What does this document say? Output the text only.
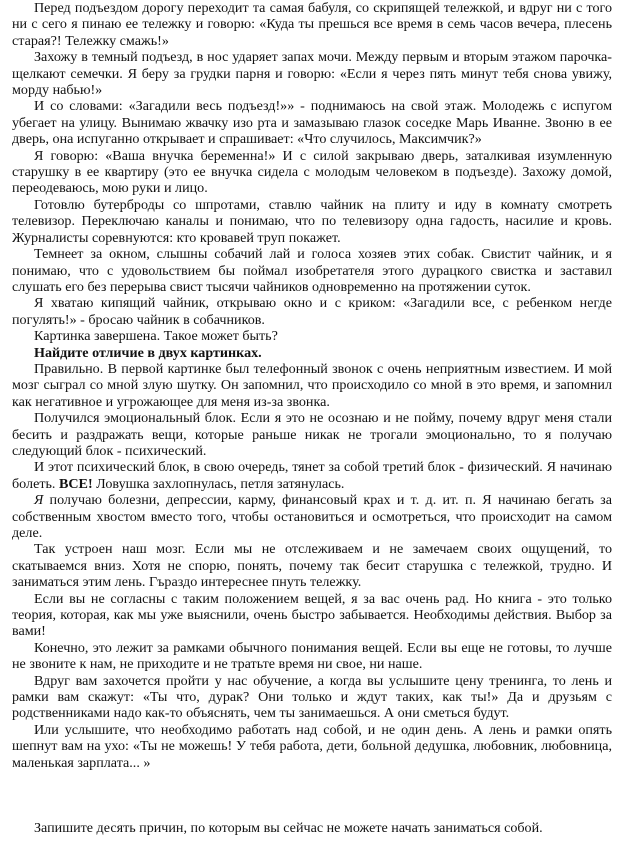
Перед подъездом дорогу переходит та самая бабуля, со скрипящей тележкой, и вдруг ни с того ни с сего я пинаю ее тележку и говорю: «Куда ты прешься все время в семь часов вечера, плесень старая?! Тележку смажь!»

Захожу в темный подъезд, в нос ударяет запах мочи. Между первым и вторым этажом парочка-щелкают семечки. Я беру за грудки парня и говорю: «Если я через пять минут тебя снова увижу, морду набью!»

И со словами: «Загадили весь подъезд!»» - поднимаюсь на свой этаж. Молодежь с испугом убегает на улицу. Вынимаю жвачку изо рта и замазываю глазок соседке Марь Иванне. Звоню в ее дверь, она испуганно открывает и спрашивает: «Что случилось, Максимчик?»

Я говорю: «Ваша внучка беременна!» И с силой закрываю дверь, заталкивая изумленную старушку в ее квартиру (это ее внучка сидела с молодым человеком в подъезде). Захожу домой, переодеваюсь, мою руки и лицо.

Готовлю бутерброды со шпротами, ставлю чайник на плиту и иду в комнату смотреть телевизор. Переключаю каналы и понимаю, что по телевизору одна гадость, насилие и кровь. Журналисты соревнуются: кто кровавей труп покажет.

Темнеет за окном, слышны собачий лай и голоса хозяев этих собак. Свистит чайник, и я понимаю, что с удовольствием бы поймал изобретателя этого дурацкого свистка и заставил слушать его без перерыва свист тысячи чайников одновременно на протяжении суток.

Я хватаю кипящий чайник, открываю окно и с криком: «Загадили все, с ребенком негде погулять!» - бросаю чайник в собачников.

Картинка завершена. Такое может быть?

Найдите отличие в двух картинках.

Правильно. В первой картинке был телефонный звонок с очень неприятным известием. И мой мозг сыграл со мной злую шутку. Он запомнил, что происходило со мной в это время, и запомнил как негативное и угрожающее для меня из-за звонка.

Получился эмоциональный блок. Если я это не осознаю и не пойму, почему вдруг меня стали бесить и раздражать вещи, которые раньше никак не трогали эмоционально, то я получаю следующий блок - психический.

И этот психический блок, в свою очередь, тянет за собой третий блок - физический. Я начинаю болеть. ВСЕ! Ловушка захлопнулась, петля затянулась.

Я получаю болезни, депрессии, карму, финансовый крах и т. д. ит. п. Я начинаю бегать за собственным хвостом вместо того, чтобы остановиться и осмотреться, что происходит на самом деле.

Так устроен наш мозг. Если мы не отслеживаем и не замечаем своих ощущений, то скатываемся вниз. Хотя не спорю, понять, почему так бесит старушка с тележкой, трудно. И заниматься этим лень. Гъраздо интереснее пнуть тележку.

Если вы не согласны с таким положением вещей, я за вас очень рад. Но книга - это только теория, которая, как мы уже выяснили, очень быстро забывается. Необходимы действия. Выбор за вами!

Конечно, это лежит за рамками обычного понимания вещей. Если вы еще не готовы, то лучше не звоните к нам, не приходите и не тратьте время ни свое, ни наше.

Вдруг вам захочется пройти у нас обучение, а когда вы услышите цену тренинга, то лень и рамки вам скажут: «Ты что, дурак? Они только и ждут таких, как ты!» Да и друзьям с родственниками надо как-то объяснять, чем ты занимаешься. А они сметься будут.

Или услышите, что необходимо работать над собой, и не один день. А лень и рамки опять шепнут вам на ухо: «Ты не можешь! У тебя работа, дети, больной дедушка, любовник, любовница, маленькая зарплата... »

Запишите десять причин, по которым вы сейчас не можете начать заниматься собой.
